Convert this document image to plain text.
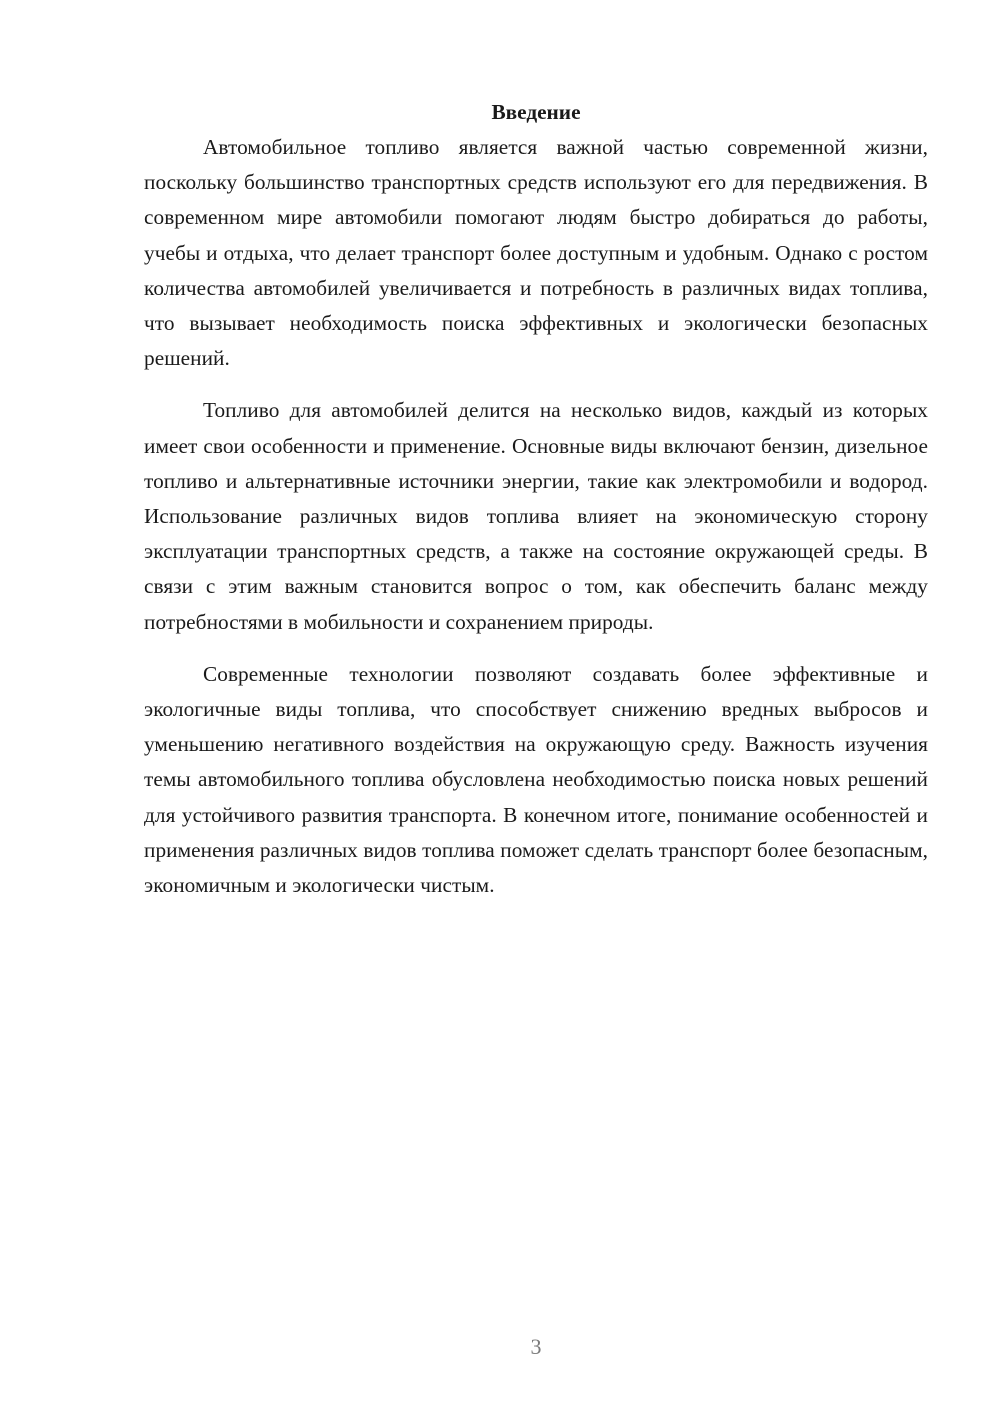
Введение

Автомобильное топливо является важной частью современной жизни, поскольку большинство транспортных средств используют его для передвижения. В современном мире автомобили помогают людям быстро добираться до работы, учебы и отдыха, что делает транспорт более доступным и удобным. Однако с ростом количества автомобилей увеличивается и потребность в различных видах топлива, что вызывает необходимость поиска эффективных и экологически безопасных решений.

Топливо для автомобилей делится на несколько видов, каждый из которых имеет свои особенности и применение. Основные виды включают бензин, дизельное топливо и альтернативные источники энергии, такие как электромобили и водород. Использование различных видов топлива влияет на экономическую сторону эксплуатации транспортных средств, а также на состояние окружающей среды. В связи с этим важным становится вопрос о том, как обеспечить баланс между потребностями в мобильности и сохранением природы.

Современные технологии позволяют создавать более эффективные и экологичные виды топлива, что способствует снижению вредных выбросов и уменьшению негативного воздействия на окружающую среду. Важность изучения темы автомобильного топлива обусловлена необходимостью поиска новых решений для устойчивого развития транспорта. В конечном итоге, понимание особенностей и применения различных видов топлива поможет сделать транспорт более безопасным, экономичным и экологически чистым.

3
